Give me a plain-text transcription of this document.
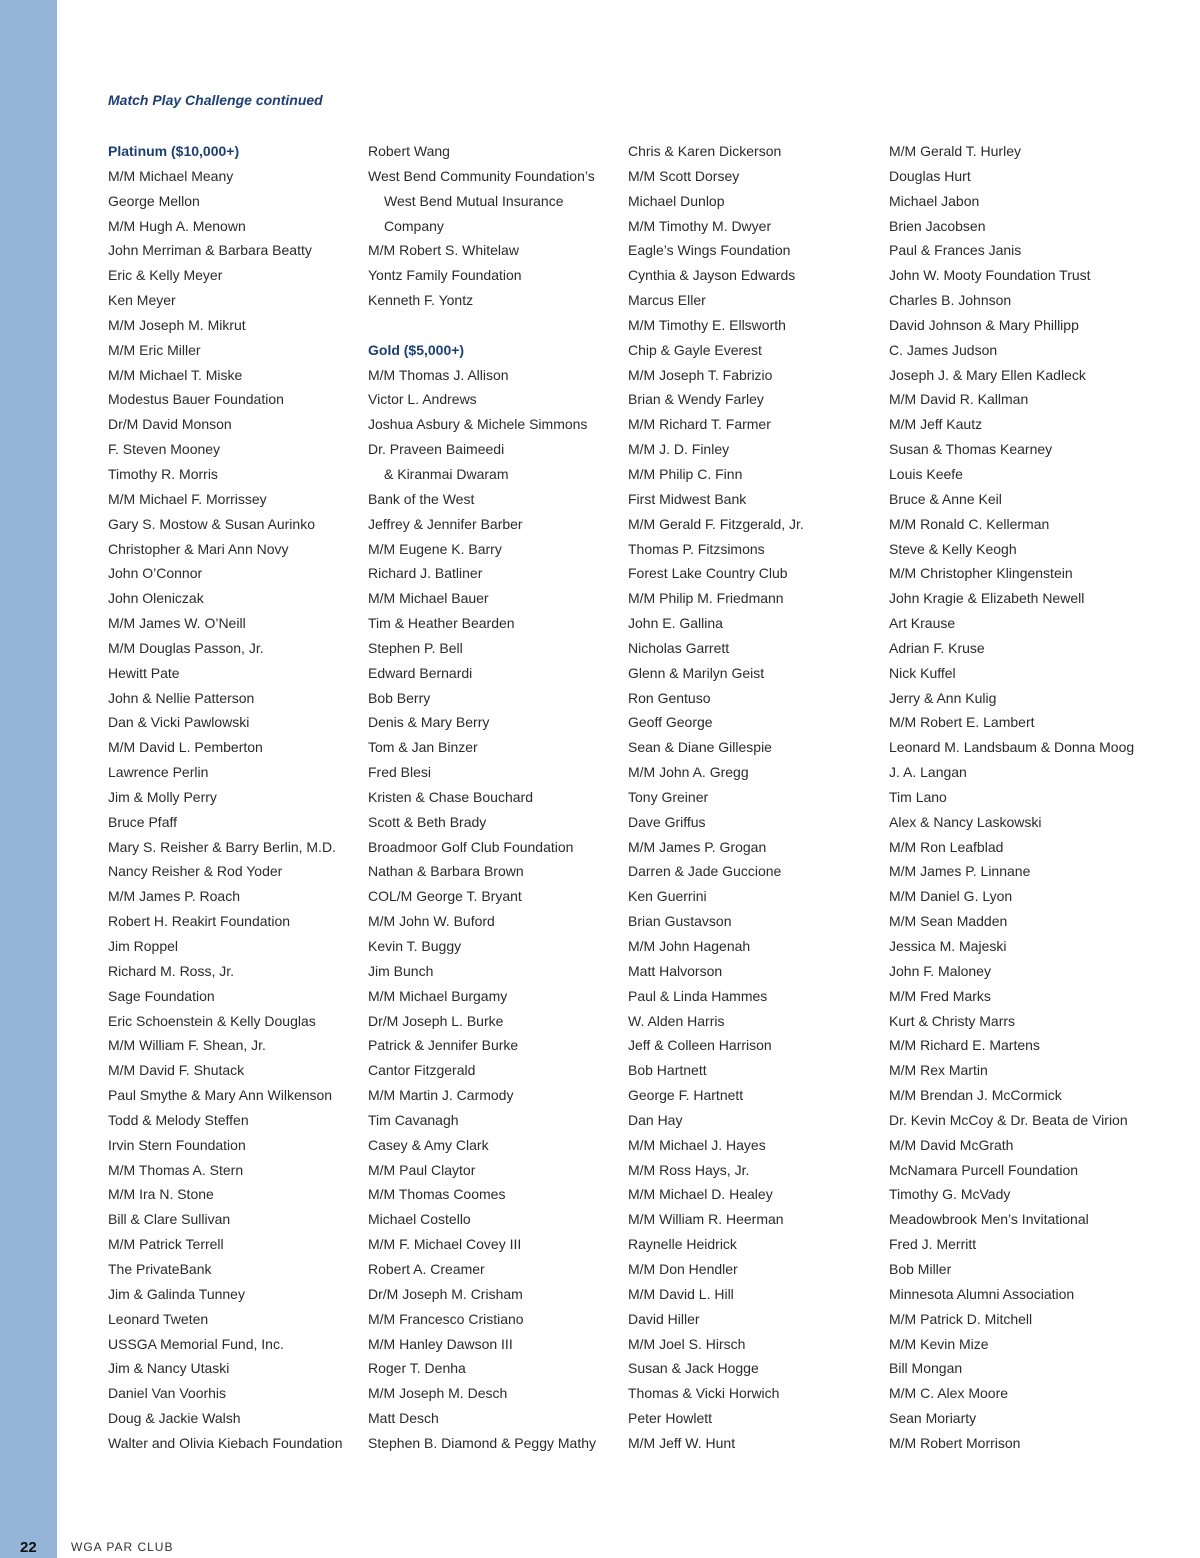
Match Play Challenge continued
Platinum ($10,000+)
M/M Michael Meany
George Mellon
M/M Hugh A. Menown
John Merriman & Barbara Beatty
Eric & Kelly Meyer
Ken Meyer
M/M Joseph M. Mikrut
M/M Eric Miller
M/M Michael T. Miske
Modestus Bauer Foundation
Dr/M David Monson
F. Steven Mooney
Timothy R. Morris
M/M Michael F. Morrissey
Gary S. Mostow & Susan Aurinko
Christopher & Mari Ann Novy
John O’Connor
John Oleniczak
M/M James W. O’Neill
M/M Douglas Passon, Jr.
Hewitt Pate
John & Nellie Patterson
Dan & Vicki Pawlowski
M/M David L. Pemberton
Lawrence Perlin
Jim & Molly Perry
Bruce Pfaff
Mary S. Reisher & Barry Berlin, M.D.
Nancy Reisher & Rod Yoder
M/M James P. Roach
Robert H. Reakirt Foundation
Jim Roppel
Richard M. Ross, Jr.
Sage Foundation
Eric Schoenstein & Kelly Douglas
M/M William F. Shean, Jr.
M/M David F. Shutack
Paul Smythe & Mary Ann Wilkenson
Todd & Melody Steffen
Irvin Stern Foundation
M/M Thomas A. Stern
M/M Ira N. Stone
Bill & Clare Sullivan
M/M Patrick Terrell
The PrivateBank
Jim & Galinda Tunney
Leonard Tweten
USSGA Memorial Fund, Inc.
Jim & Nancy Utaski
Daniel Van Voorhis
Doug & Jackie Walsh
Walter and Olivia Kiebach Foundation
Robert Wang
West Bend Community Foundation’s
West Bend Mutual Insurance
Company
M/M Robert S. Whitelaw
Yontz Family Foundation
Kenneth F. Yontz
Gold ($5,000+)
M/M Thomas J. Allison
Victor L. Andrews
Joshua Asbury & Michele Simmons
Dr. Praveen Baimeedi
& Kiranmai Dwaram
Bank of the West
Jeffrey & Jennifer Barber
M/M Eugene K. Barry
Richard J. Batliner
M/M Michael Bauer
Tim & Heather Bearden
Stephen P. Bell
Edward Bernardi
Bob Berry
Denis & Mary Berry
Tom & Jan Binzer
Fred Blesi
Kristen & Chase Bouchard
Scott & Beth Brady
Broadmoor Golf Club Foundation
Nathan & Barbara Brown
COL/M George T. Bryant
M/M John W. Buford
Kevin T. Buggy
Jim Bunch
M/M Michael Burgamy
Dr/M Joseph L. Burke
Patrick & Jennifer Burke
Cantor Fitzgerald
M/M Martin J. Carmody
Tim Cavanagh
Casey & Amy Clark
M/M Paul Claytor
M/M Thomas Coomes
Michael Costello
M/M F. Michael Covey III
Robert A. Creamer
Dr/M Joseph M. Crisham
M/M Francesco Cristiano
M/M Hanley Dawson III
Roger T. Denha
M/M Joseph M. Desch
Matt Desch
Stephen B. Diamond & Peggy Mathy
Chris & Karen Dickerson
M/M Scott Dorsey
Michael Dunlop
M/M Timothy M. Dwyer
Eagle’s Wings Foundation
Cynthia & Jayson Edwards
Marcus Eller
M/M Timothy E. Ellsworth
Chip & Gayle Everest
M/M Joseph T. Fabrizio
Brian & Wendy Farley
M/M Richard T. Farmer
M/M J. D. Finley
M/M Philip C. Finn
First Midwest Bank
M/M Gerald F. Fitzgerald, Jr.
Thomas P. Fitzsimons
Forest Lake Country Club
M/M Philip M. Friedmann
John E. Gallina
Nicholas Garrett
Glenn & Marilyn Geist
Ron Gentuso
Geoff George
Sean & Diane Gillespie
M/M John A. Gregg
Tony Greiner
Dave Griffus
M/M James P. Grogan
Darren & Jade Guccione
Ken Guerrini
Brian Gustavson
M/M John Hagenah
Matt Halvorson
Paul & Linda Hammes
W. Alden Harris
Jeff & Colleen Harrison
Bob Hartnett
George F. Hartnett
Dan Hay
M/M Michael J. Hayes
M/M Ross Hays, Jr.
M/M Michael D. Healey
M/M William R. Heerman
Raynelle Heidrick
M/M Don Hendler
M/M David L. Hill
David Hiller
M/M Joel S. Hirsch
Susan & Jack Hogge
Thomas & Vicki Horwich
Peter Howlett
M/M Jeff W. Hunt
M/M Gerald T. Hurley
Douglas Hurt
Michael Jabon
Brien Jacobsen
Paul & Frances Janis
John W. Mooty Foundation Trust
Charles B. Johnson
David Johnson & Mary Phillipp
C. James Judson
Joseph J. & Mary Ellen Kadleck
M/M David R. Kallman
M/M Jeff Kautz
Susan & Thomas Kearney
Louis Keefe
Bruce & Anne Keil
M/M Ronald C. Kellerman
Steve & Kelly Keogh
M/M Christopher Klingenstein
John Kragie & Elizabeth Newell
Art Krause
Adrian F. Kruse
Nick Kuffel
Jerry & Ann Kulig
M/M Robert E. Lambert
Leonard M. Landsbaum & Donna Moog
J. A. Langan
Tim Lano
Alex & Nancy Laskowski
M/M Ron Leafblad
M/M James P. Linnane
M/M Daniel G. Lyon
M/M Sean Madden
Jessica M. Majeski
John F. Maloney
M/M Fred Marks
Kurt & Christy Marrs
M/M Richard E. Martens
M/M Rex Martin
M/M Brendan J. McCormick
Dr. Kevin McCoy & Dr. Beata de Virion
M/M David McGrath
McNamara Purcell Foundation
Timothy G. McVady
Meadowbrook Men’s Invitational
Fred J. Merritt
Bob Miller
Minnesota Alumni Association
M/M Patrick D. Mitchell
M/M Kevin Mize
Bill Mongan
M/M C. Alex Moore
Sean Moriarty
M/M Robert Morrison
22	WGA PAR CLUB
